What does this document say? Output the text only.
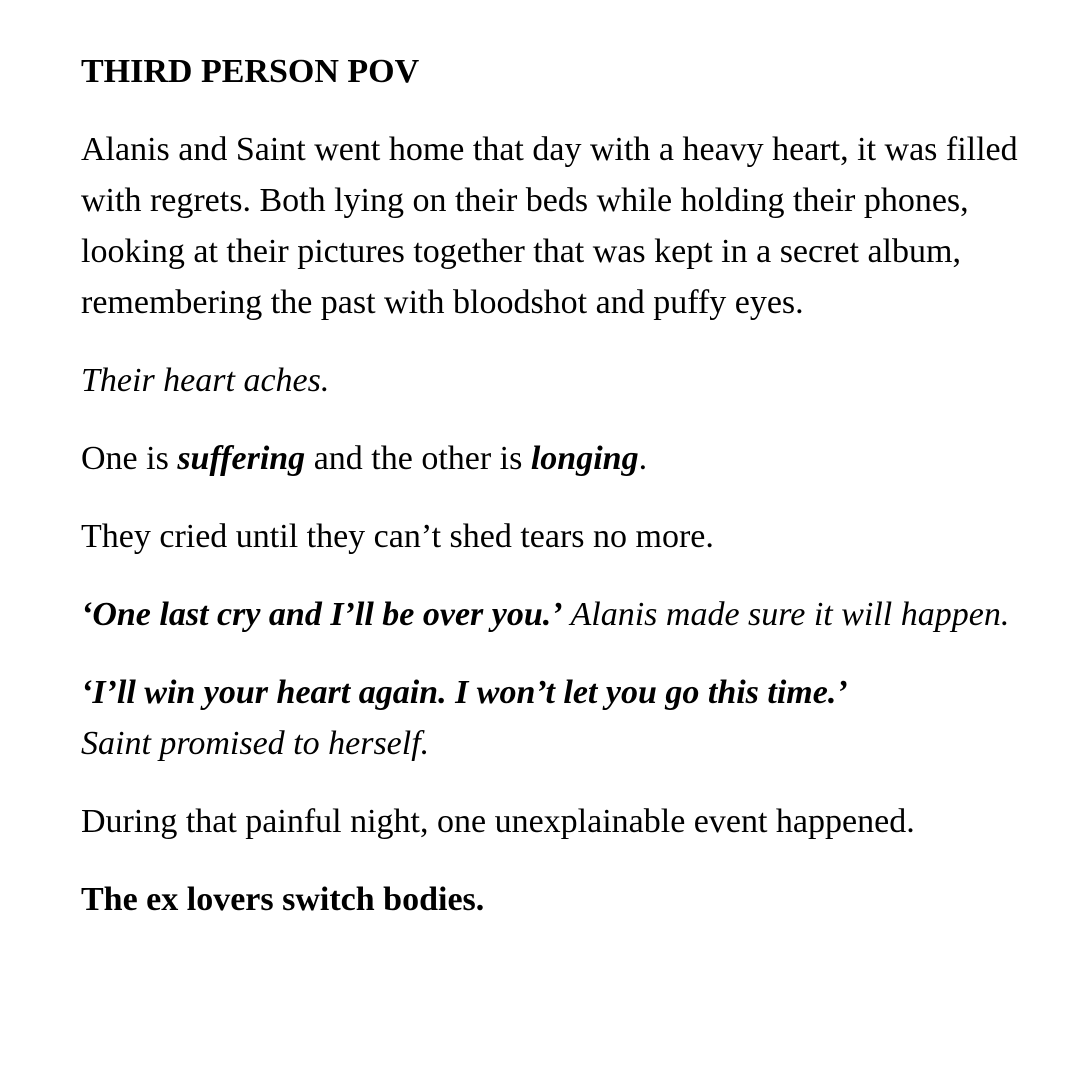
THIRD PERSON POV

Alanis and Saint went home that day with a heavy heart, it was filled with regrets. Both lying on their beds while holding their phones, looking at their pictures together that was kept in a secret album, remembering the past with bloodshot and puffy eyes.

Their heart aches.

One is suffering and the other is longing.

They cried until they can’t shed tears no more.

‘One last cry and I’ll be over you.’ Alanis made sure it will happen.

‘I’ll win your heart again. I won’t let you go this time.’
Saint promised to herself.

During that painful night, one unexplainable event happened.

The ex lovers switch bodies.
